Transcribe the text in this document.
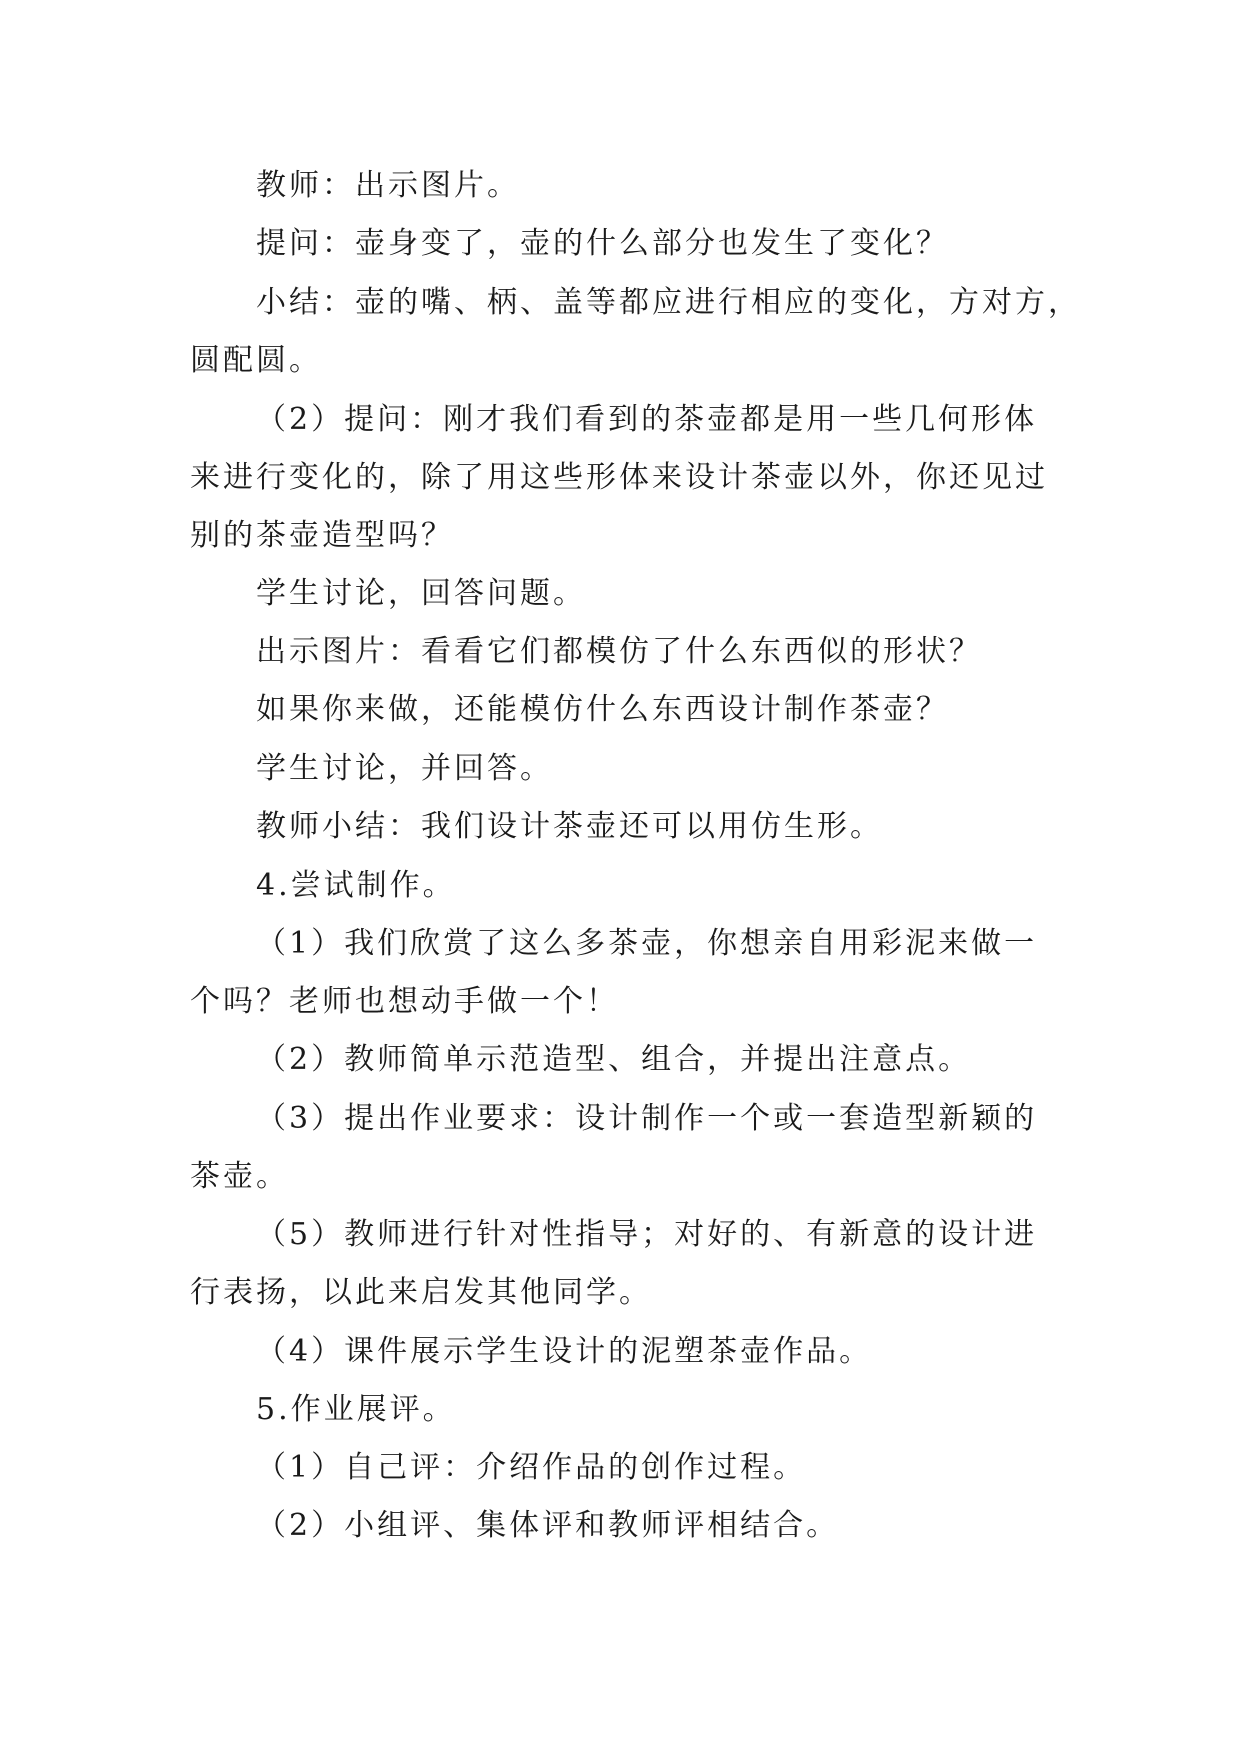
教师：出示图片。
提问：壶身变了，壶的什么部分也发生了变化？
小结：壶的嘴、柄、盖等都应进行相应的变化，方对方，
圆配圆。
（2）提问：刚才我们看到的茶壶都是用一些几何形体
来进行变化的，除了用这些形体来设计茶壶以外，你还见过
别的茶壶造型吗？
学生讨论，回答问题。
出示图片：看看它们都模仿了什么东西似的形状？
如果你来做，还能模仿什么东西设计制作茶壶？
学生讨论，并回答。
教师小结：我们设计茶壶还可以用仿生形。
4.尝试制作。
（1）我们欣赏了这么多茶壶，你想亲自用彩泥来做一
个吗？老师也想动手做一个！
（2）教师简单示范造型、组合，并提出注意点。
（3）提出作业要求：设计制作一个或一套造型新颖的
茶壶。
（5）教师进行针对性指导；对好的、有新意的设计进
行表扬，以此来启发其他同学。
（4）课件展示学生设计的泥塑茶壶作品。
5.作业展评。
（1）自己评：介绍作品的创作过程。
（2）小组评、集体评和教师评相结合。
